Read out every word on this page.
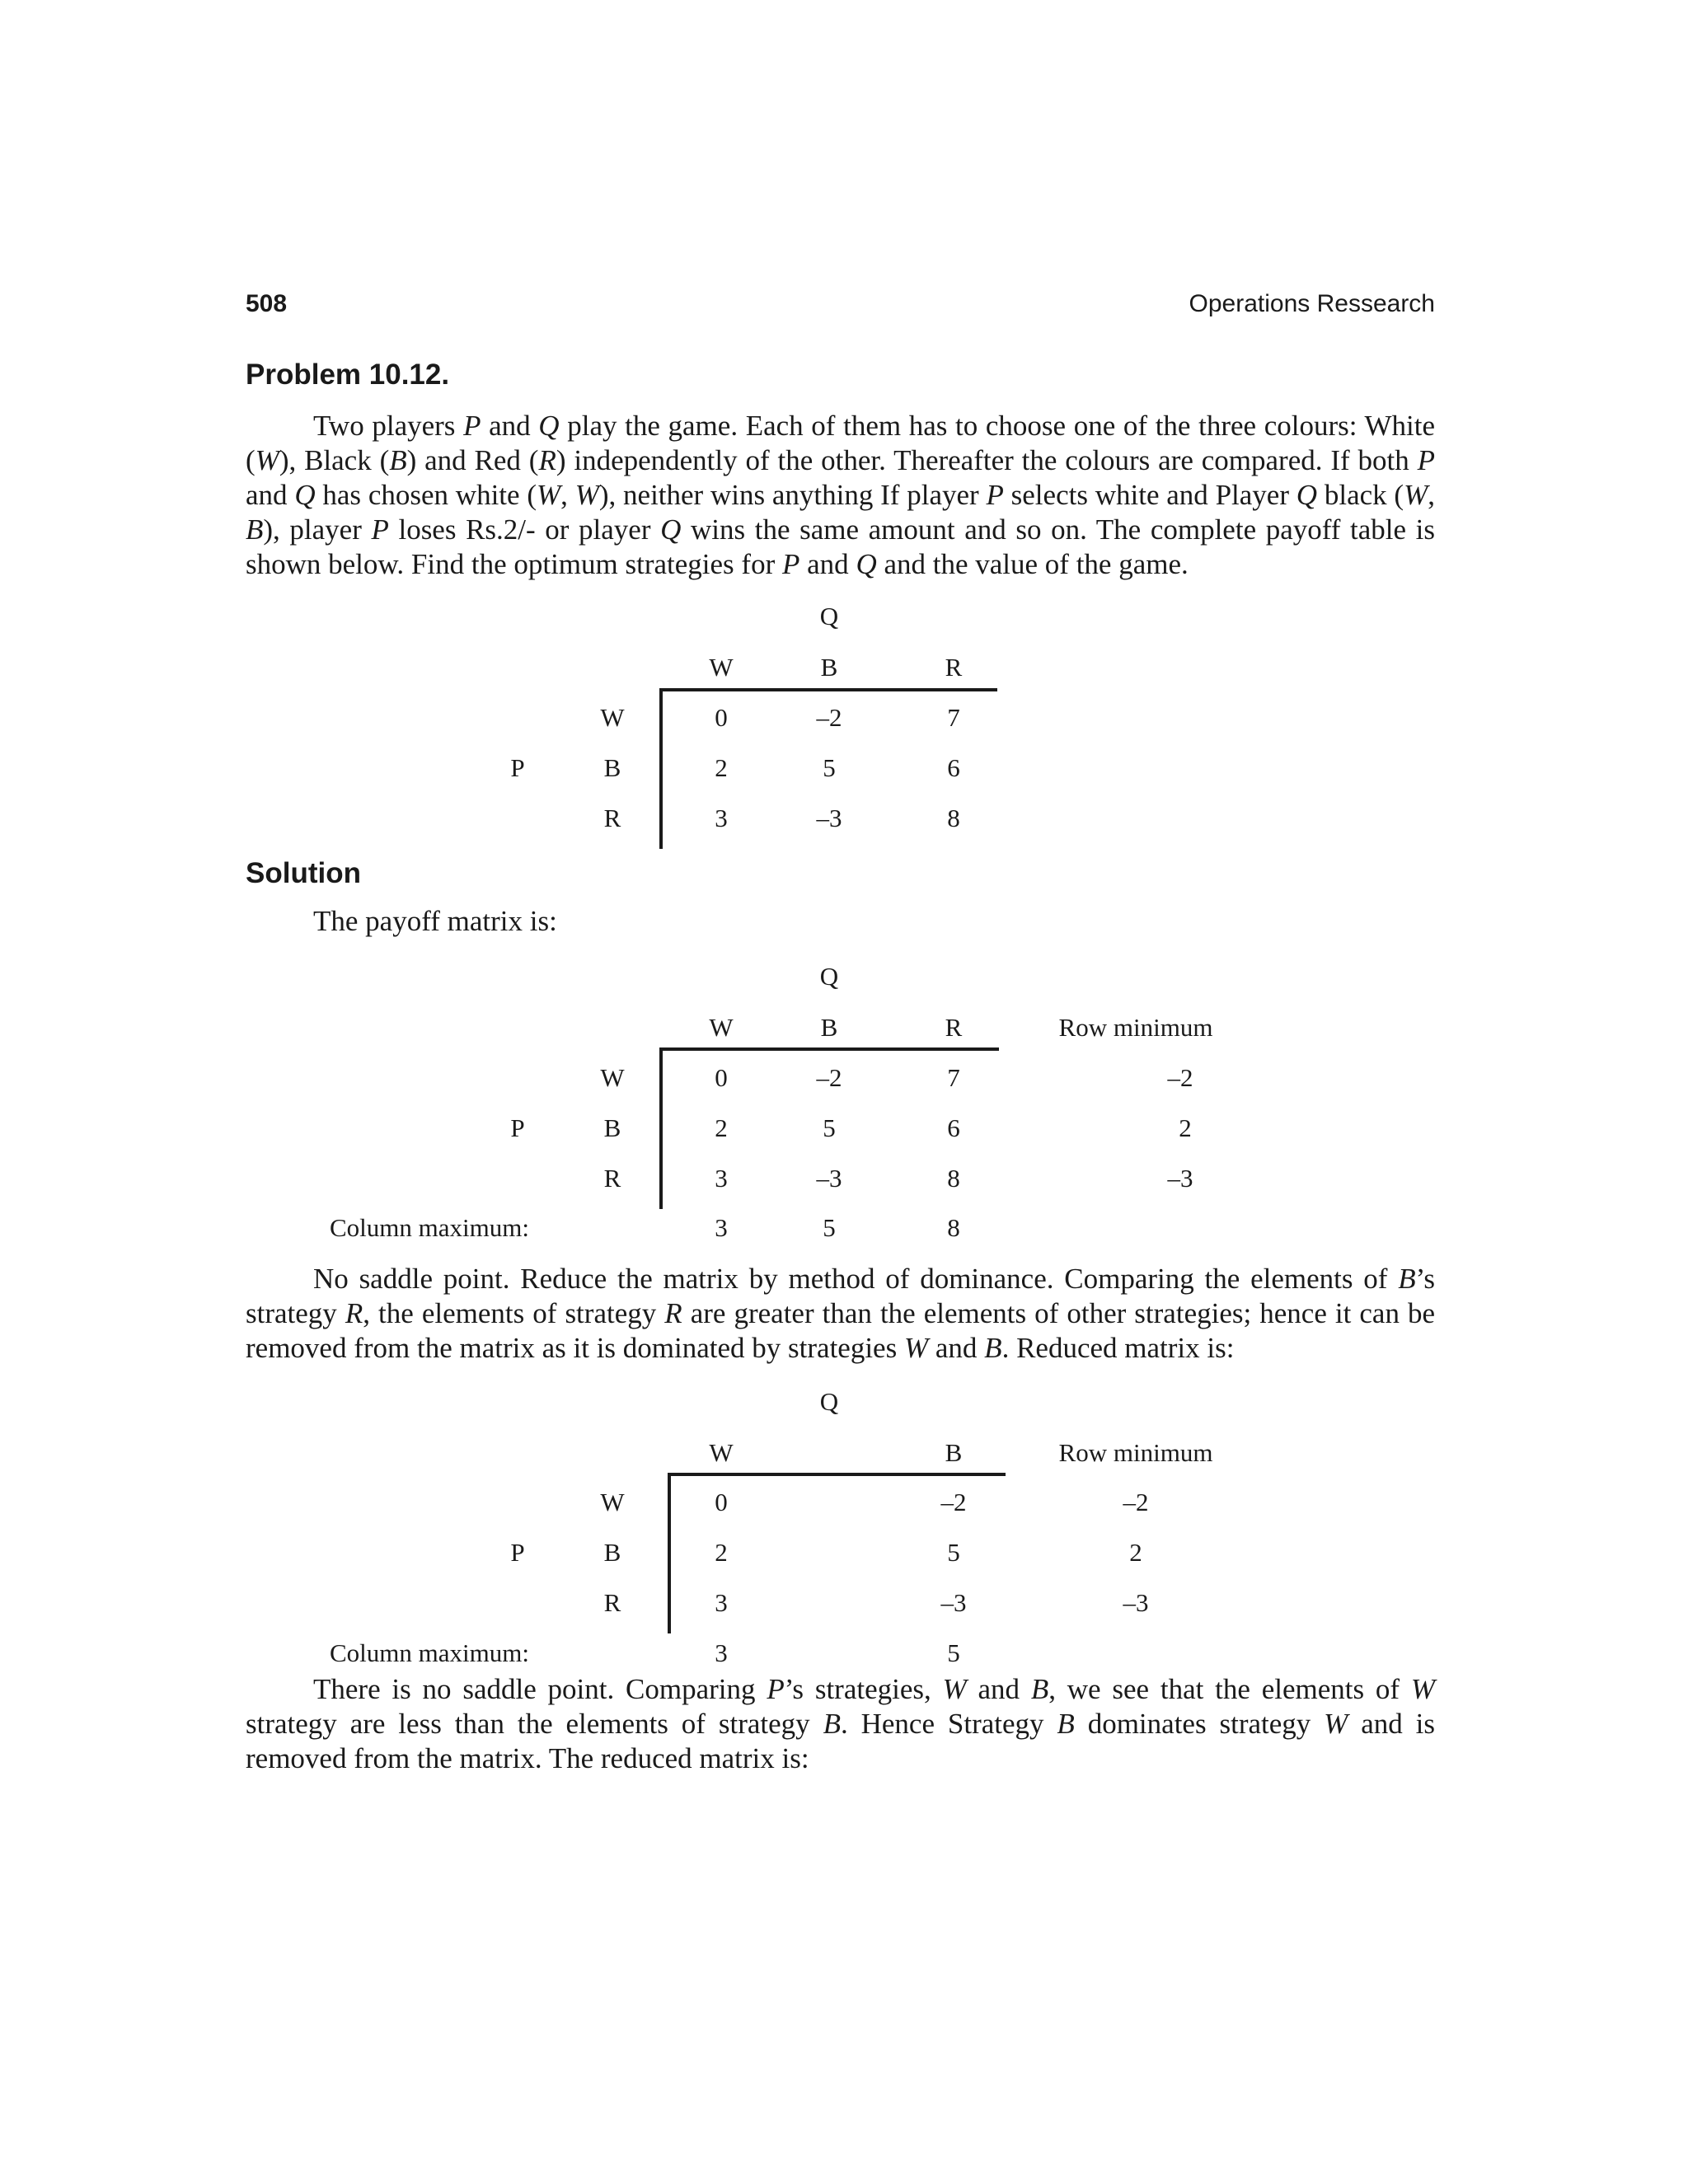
508	Operations Ressearch
Problem 10.12.

Two players P and Q play the game. Each of them has to choose one of the three colours: White (W), Black (B) and Red (R) independently of the other. Thereafter the colours are compared. If both P and Q has chosen white (W, W), neither wins anything If player P selects white and Player Q black (W, B), player P loses Rs.2/- or player Q wins the same amount and so on. The complete payoff table is shown below. Find the optimum strategies for P and Q and the value of the game.

Q
W	B	R
P
W	0	–2	7
B	2	5	6
R	3	–3	8
Solution
The payoff matrix is:
Q
W	B	R	Row minimum
P
W	0	–2	7	–2
B	2	5	6	2
R	3	–3	8	–3
Column maximum:	3	5	8

No saddle point. Reduce the matrix by method of dominance. Comparing the elements of B’s strategy R, the elements of strategy R are greater than the elements of other strategies; hence it can be removed from the matrix as it is dominated by strategies W and B. Reduced matrix is:

Q
W	B	Row minimum
P
W	0	–2	–2
B	2	5	2
R	3	–3	–3
Column maximum:	3	5

There is no saddle point. Comparing P’s strategies, W and B, we see that the elements of W strategy are less than the elements of strategy B. Hence Strategy B dominates strategy W and is removed from the matrix. The reduced matrix is:
